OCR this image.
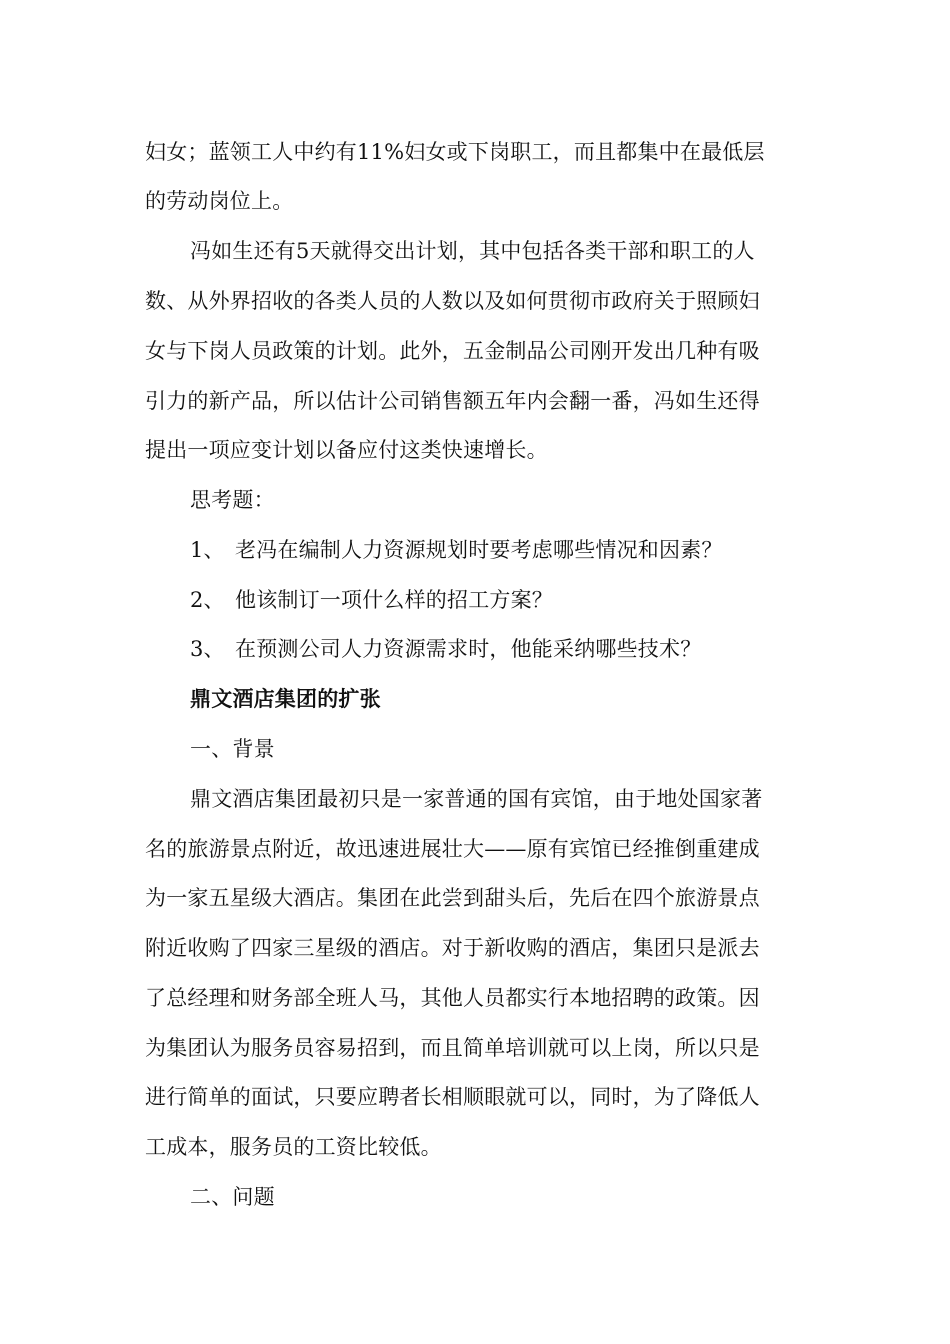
妇女；蓝领工人中约有11%妇女或下岗职工，而且都集中在最低层
的劳动岗位上。
冯如生还有5天就得交出计划，其中包括各类干部和职工的人
数、从外界招收的各类人员的人数以及如何贯彻市政府关于照顾妇
女与下岗人员政策的计划。此外，五金制品公司刚开发出几种有吸
引力的新产品，所以估计公司销售额五年内会翻一番，冯如生还得
提出一项应变计划以备应付这类快速增长。
思考题：
1、 老冯在编制人力资源规划时要考虑哪些情况和因素？
2、 他该制订一项什么样的招工方案？
3、 在预测公司人力资源需求时，他能采纳哪些技术？
鼎文酒店集团的扩张
一、背景
鼎文酒店集团最初只是一家普通的国有宾馆，由于地处国家著
名的旅游景点附近，故迅速进展壮大——原有宾馆已经推倒重建成
为一家五星级大酒店。集团在此尝到甜头后，先后在四个旅游景点
附近收购了四家三星级的酒店。对于新收购的酒店，集团只是派去
了总经理和财务部全班人马，其他人员都实行本地招聘的政策。因
为集团认为服务员容易招到，而且简单培训就可以上岗，所以只是
进行简单的面试，只要应聘者长相顺眼就可以，同时，为了降低人
工成本，服务员的工资比较低。
二、问题
